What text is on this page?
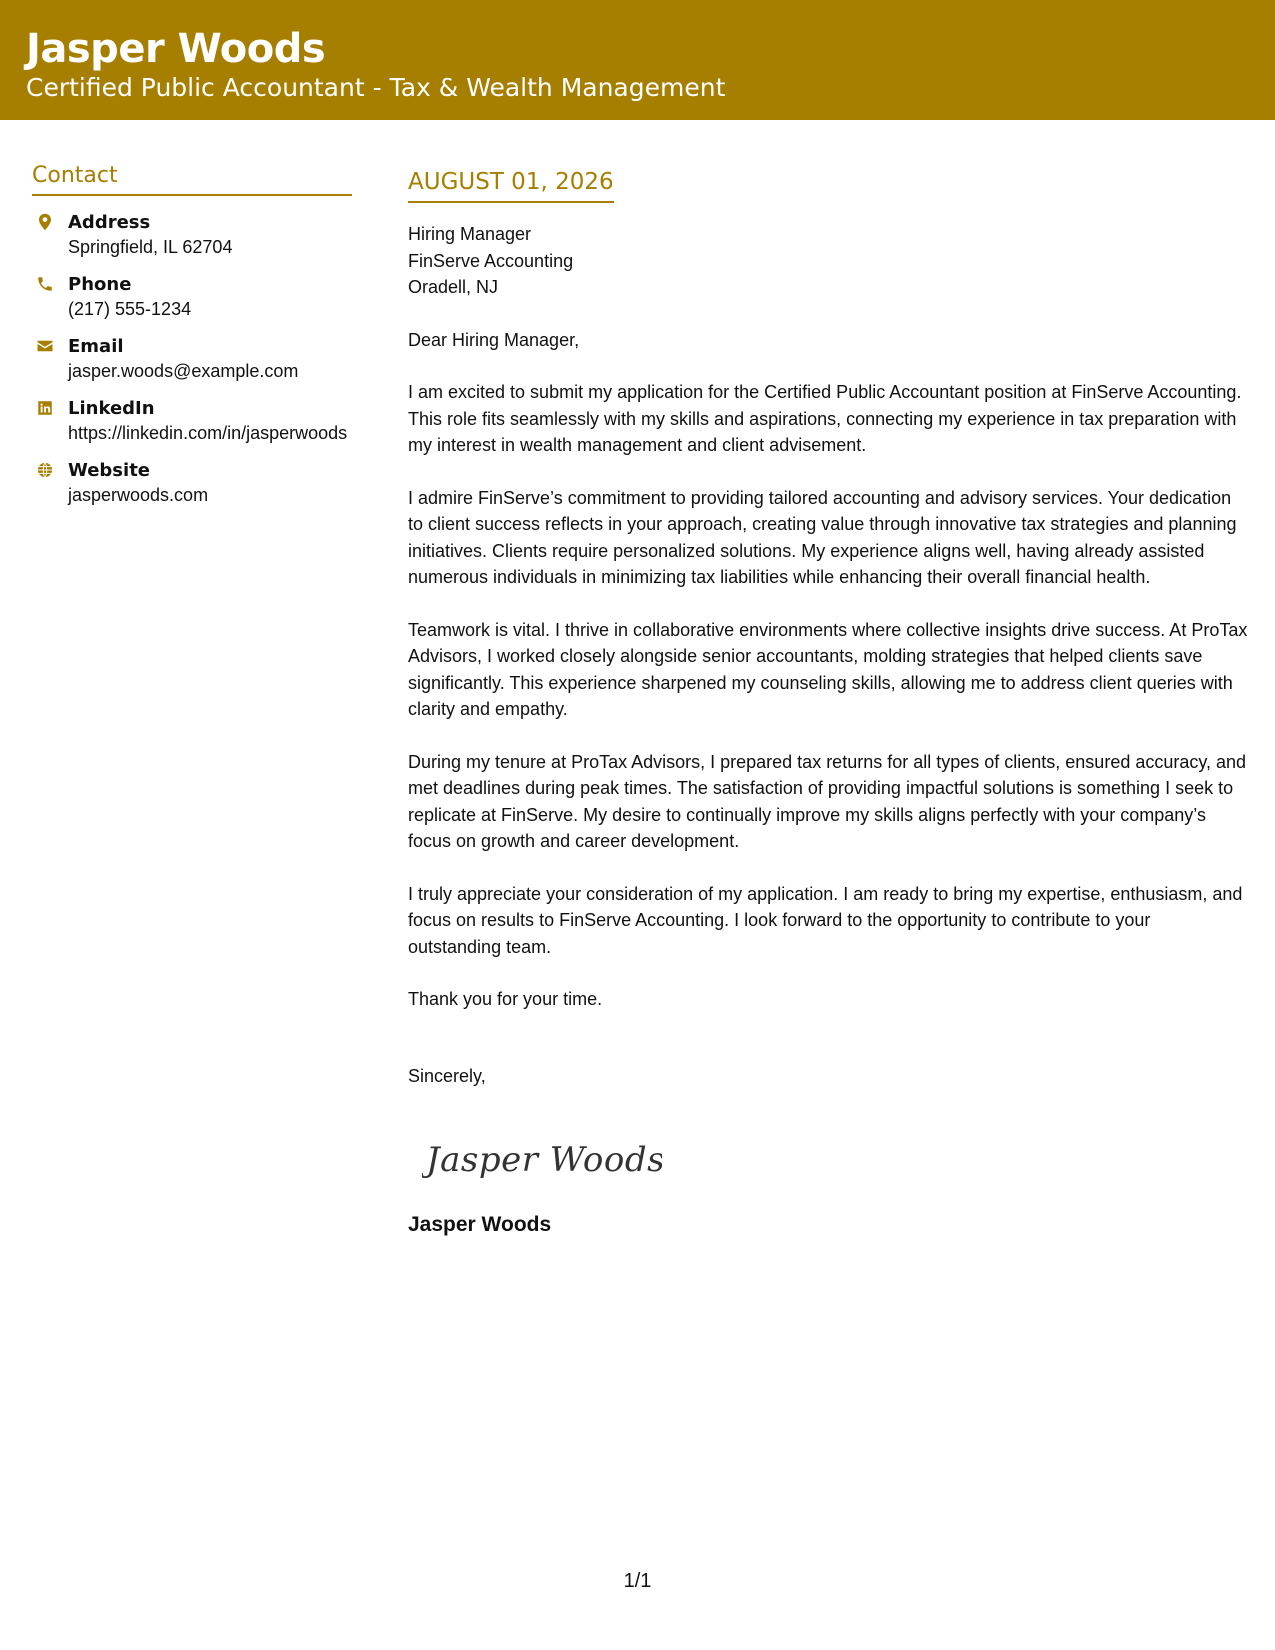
Jasper Woods
Certified Public Accountant - Tax & Wealth Management
Contact
Address
Springfield, IL 62704
Phone
(217) 555-1234
Email
jasper.woods@example.com
LinkedIn
https://linkedin.com/in/jasperwoods
Website
jasperwoods.com
AUGUST 01, 2026
Hiring Manager
FinServe Accounting
Oradell, NJ

Dear Hiring Manager,

I am excited to submit my application for the Certified Public Accountant position at FinServe Accounting. This role fits seamlessly with my skills and aspirations, connecting my experience in tax preparation with my interest in wealth management and client advisement.

I admire FinServe’s commitment to providing tailored accounting and advisory services. Your dedication to client success reflects in your approach, creating value through innovative tax strategies and planning initiatives. Clients require personalized solutions. My experience aligns well, having already assisted numerous individuals in minimizing tax liabilities while enhancing their overall financial health.

Teamwork is vital. I thrive in collaborative environments where collective insights drive success. At ProTax Advisors, I worked closely alongside senior accountants, molding strategies that helped clients save significantly. This experience sharpened my counseling skills, allowing me to address client queries with clarity and empathy.

During my tenure at ProTax Advisors, I prepared tax returns for all types of clients, ensured accuracy, and met deadlines during peak times. The satisfaction of providing impactful solutions is something I seek to replicate at FinServe. My desire to continually improve my skills aligns perfectly with your company’s focus on growth and career development.

I truly appreciate your consideration of my application. I am ready to bring my expertise, enthusiasm, and focus on results to FinServe Accounting. I look forward to the opportunity to contribute to your outstanding team.

Thank you for your time.

Sincerely,

Jasper Woods
Jasper Woods
1/1
